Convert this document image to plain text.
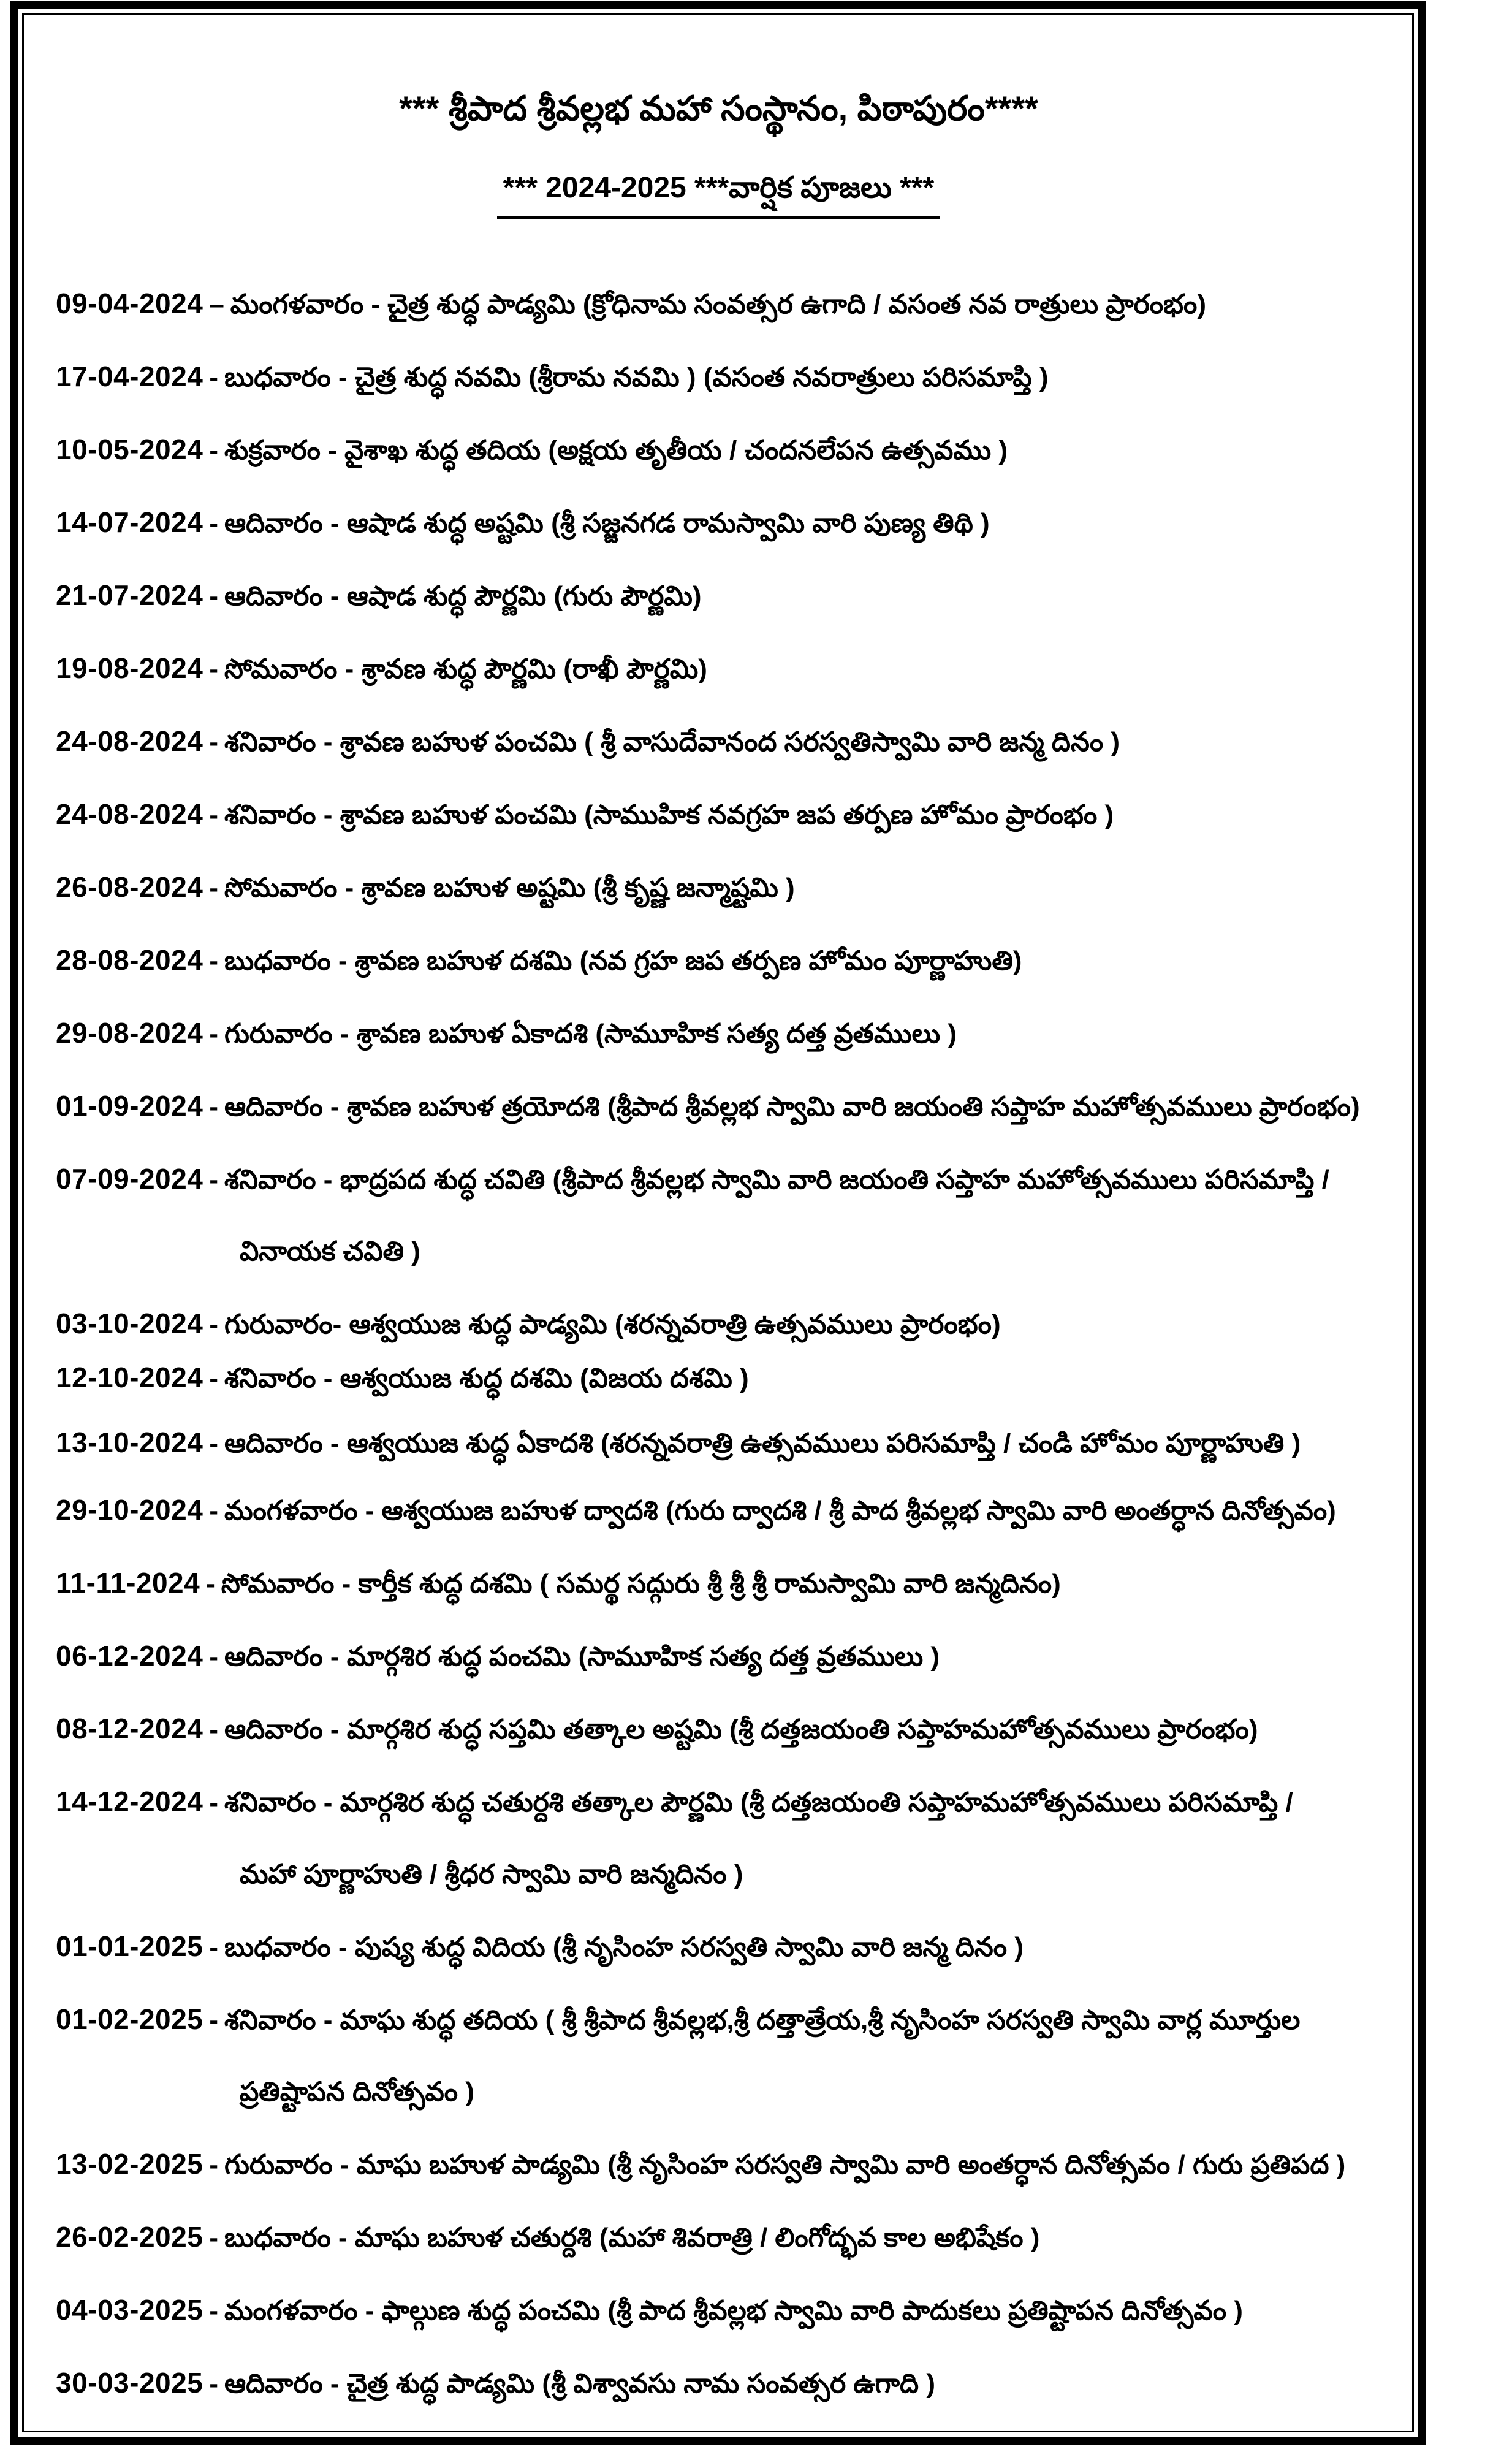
*** శ్రీపాద శ్రీవల్లభ మహా సంస్థానం, పిఠాపురం****
*** 2024-2025 ***వార్షిక పూజలు ***
09-04-2024 – మంగళవారం - చైత్ర శుద్ధ పాడ్యమి (క్రోధినామ సంవత్సర ఉగాది / వసంత నవ రాత్రులు ప్రారంభం)
17-04-2024 - బుధవారం - చైత్ర శుద్ధ నవమి (శ్రీరామ నవమి ) (వసంత నవరాత్రులు పరిసమాప్తి )
10-05-2024 - శుక్రవారం - వైశాఖ శుద్ధ తదియ (అక్షయ తృతీయ / చందనలేపన ఉత్సవము )
14-07-2024 - ఆదివారం - ఆషాడ శుద్ధ అష్టమి (శ్రీ సజ్జనగడ రామస్వామి వారి పుణ్య తిథి )
21-07-2024 - ఆదివారం - ఆషాడ శుద్ధ పౌర్ణమి (గురు పౌర్ణమి)
19-08-2024 - సోమవారం - శ్రావణ శుద్ధ పౌర్ణమి (రాఖీ పౌర్ణమి)
24-08-2024 - శనివారం - శ్రావణ బహుళ పంచమి ( శ్రీ వాసుదేవానంద సరస్వతిస్వామి వారి జన్మ దినం )
24-08-2024 - శనివారం - శ్రావణ బహుళ పంచమి (సాముహిక నవగ్రహ జప తర్పణ హోమం ప్రారంభం )
26-08-2024 - సోమవారం - శ్రావణ బహుళ అష్టమి (శ్రీ కృష్ణ జన్మాష్టమి )
28-08-2024 - బుధవారం - శ్రావణ బహుళ దశమి (నవ గ్రహ జప తర్పణ హోమం పూర్ణాహుతి)
29-08-2024 - గురువారం - శ్రావణ బహుళ ఏకాదశి (సామూహిక సత్య దత్త వ్రతములు )
01-09-2024 - ఆదివారం - శ్రావణ బహుళ త్రయోదశి (శ్రీపాద శ్రీవల్లభ స్వామి వారి జయంతి సప్తాహ మహోత్సవములు ప్రారంభం)
07-09-2024 - శనివారం - భాద్రపద శుద్ధ చవితి (శ్రీపాద శ్రీవల్లభ స్వామి వారి జయంతి సప్తాహ మహోత్సవములు పరిసమాప్తి /
వినాయక చవితి )
03-10-2024 - గురువారం- ఆశ్వయుజ శుద్ధ పాడ్యమి (శరన్నవరాత్రి ఉత్సవములు ప్రారంభం)
12-10-2024 - శనివారం - ఆశ్వయుజ శుద్ధ దశమి (విజయ దశమి )
13-10-2024 - ఆదివారం - ఆశ్వయుజ శుద్ధ ఏకాదశి (శరన్నవరాత్రి ఉత్సవములు పరిసమాప్తి / చండి హోమం పూర్ణాహుతి )
29-10-2024 - మంగళవారం - ఆశ్వయుజ బహుళ ద్వాదశి (గురు ద్వాదశి / శ్రీ పాద శ్రీవల్లభ స్వామి వారి అంతర్ధాన దినోత్సవం)
11-11-2024 - సోమవారం - కార్తీక శుద్ధ దశమి ( సమర్థ సద్గురు శ్రీ శ్రీ శ్రీ రామస్వామి వారి జన్మదినం)
06-12-2024 - ఆదివారం - మార్గశిర శుద్ధ పంచమి (సామూహిక సత్య దత్త వ్రతములు )
08-12-2024 - ఆదివారం - మార్గశిర శుద్ధ సప్తమి తత్కాల అష్టమి (శ్రీ దత్తజయంతి సప్తాహమహోత్సవములు ప్రారంభం)
14-12-2024 - శనివారం - మార్గశిర శుద్ధ చతుర్దశి తత్కాల పౌర్ణమి (శ్రీ దత్తజయంతి సప్తాహమహోత్సవములు పరిసమాప్తి /
మహా పూర్ణాహుతి / శ్రీధర స్వామి వారి జన్మదినం )
01-01-2025 - బుధవారం - పుష్య శుద్ధ విదియ (శ్రీ నృసింహ సరస్వతి స్వామి వారి జన్మ దినం )
01-02-2025 - శనివారం - మాఘ శుద్ధ తదియ ( శ్రీ శ్రీపాద శ్రీవల్లభ,శ్రీ దత్తాత్రేయ,శ్రీ నృసింహ సరస్వతి స్వామి వార్ల మూర్తుల
ప్రతిష్టాపన దినోత్సవం )
13-02-2025 - గురువారం - మాఘ బహుళ పాడ్యమి (శ్రీ నృసింహ సరస్వతి స్వామి వారి అంతర్ధాన దినోత్సవం / గురు ప్రతిపద )
26-02-2025 - బుధవారం - మాఘ బహుళ చతుర్దశి (మహా శివరాత్రి / లింగోద్భవ కాల అభిషేకం )
04-03-2025 - మంగళవారం - ఫాల్గుణ శుద్ధ పంచమి (శ్రీ పాద శ్రీవల్లభ స్వామి వారి పాదుకలు ప్రతిష్టాపన దినోత్సవం )
30-03-2025 - ఆదివారం - చైత్ర శుద్ధ పాడ్యమి (శ్రీ విశ్వావసు నామ సంవత్సర ఉగాది )
